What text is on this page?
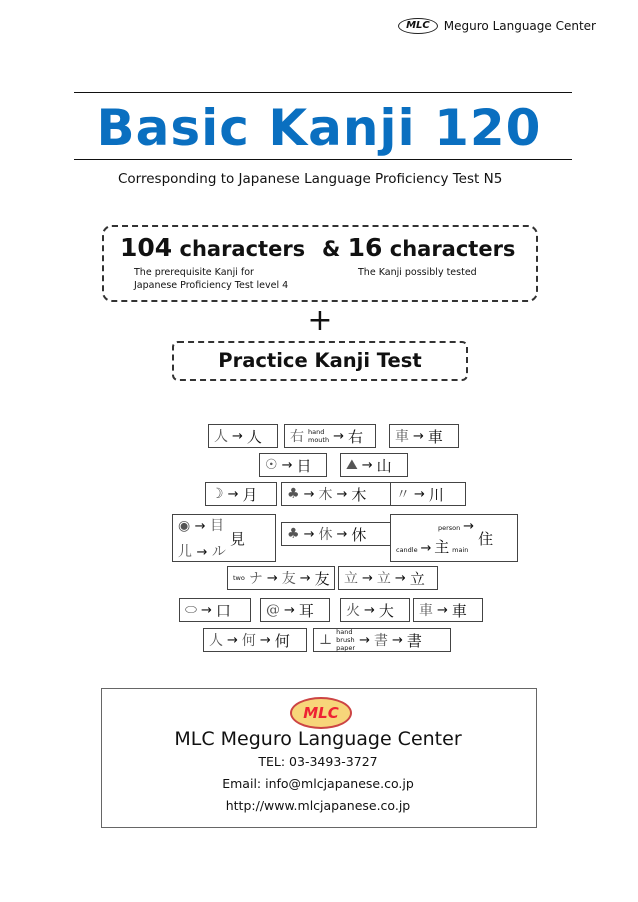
MLC	Meguro Language Center
Basic Kanji 120
Corresponding to Japanese Language Proficiency Test N5
104 characters
The prerequisite Kanji for
Japanese Proficiency Test level 4
& 16 characters
The Kanji possibly tested
+
Practice Kanji Test
⼈ → 人 右 hand
mouth → 右 車 → 車
☉ → 日 ⛰ → 山
☽ → 月 ♣ → 木 → 木 〃 → 川
◉ → 目
⼉ → ル
見	♣ → 休 → 休	person →
candle → 主 main
住
two ナ → 友 → 友 ⽴ → 立 → 立
⬭ → 口	@ → 耳 ⽕ → 大 車 → 車
⼈ → 何 → 何 ⊥ hand
brush
paper
→ 書 → 書
MLC
MLC Meguro Language Center
TEL: 03-3493-3727
Email: info@mlcjapanese.co.jp
http://www.mlcjapanese.co.jp
